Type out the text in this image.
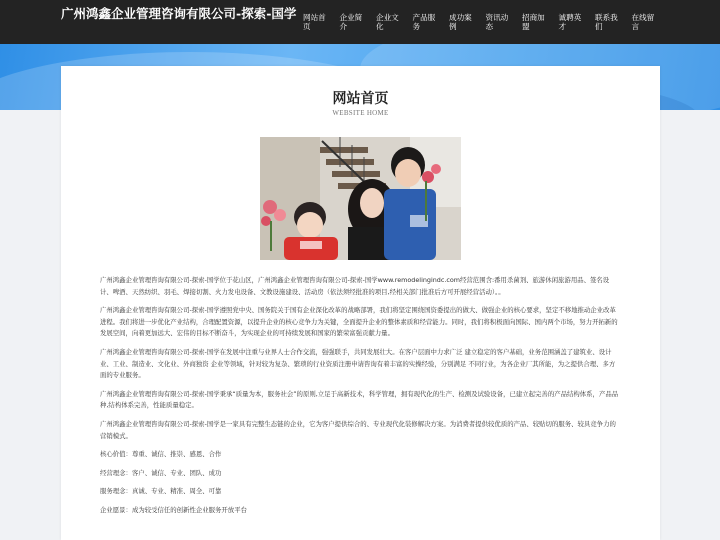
广州鸿鑫企业管理咨询有限公司-探索-国学 网站首页
企业简介
企业文化
产品服务
成功案例
资讯动态
招商加盟
诚聘英才
联系我们
在线留言
网站首页
WEBSITE HOME

广州鸿鑫企业管理咨询有限公司-探索-国学位于花山区，广州鸿鑫企业管理咨询有限公司-探索-国学www.remodelingindc.com经营范围含:番用杀菌剂、旅游休闲旅游用品、签名设计、啤酒、天然纺织、羽毛、焊接切割、火力发电设备、文教设施建设、活动房（依法须经批准的项目,经相关部门批准后方可开展经营活动）。。

广州鸿鑫企业管理咨询有限公司-探索-国学遵照党中央、国务院关于国有企业深化改革的战略部署，我们将坚定围绕国资委提出的做大、做强企业的核心要求，坚定不移地推动企业改革进程。我们将进一步优化产业结构，合理配置资源，以提升企业的核心竞争力为关键，全面提升企业的整体素质和经营能力。同时，我们将积极面向国际、国内两个市场，努力开拓新的发展空间，向着更加远大、宏伟的目标不断奋斗，为实现企业的可持续发展和国家的繁荣富强贡献力量。

广州鸿鑫企业管理咨询有限公司-探索-国学在发展中注重与业界人士合作交流，强强联手，共同发展壮大。在客户层面中力求广泛 建立稳定的客户基础，业务范围涵盖了建筑业、设计业、工业、制造业、文化业、外商独资 企业等领域，针对较为复杂、繁琐的行业资质注册申请咨询有着丰富的实操经验，分别满足 不同行业，为各企业厂其所能，为之提供合理、多方面的专业服务。

广州鸿鑫企业管理咨询有限公司-探索-国学秉承“质量为本，服务社会”的原则,立足于高新技术，科学管理，拥有现代化的生产、检测及试验设备，已建立起完善的产品结构体系，产品品种,结构体系完善，性能质量稳定。

广州鸿鑫企业管理咨询有限公司-探索-国学是一家具有完整生态链的企业，它为客户提供综合的、专业现代化装修解决方案。为消费者提供较优质的产品、较贴切的服务、较具竞争力的营销模式。

核心价值：尊重、诚信、推崇、感恩、合作

经营理念：客户、诚信、专业、团队、成功

服务理念：真诚、专业、精准、周全、可靠

企业愿景：成为较受信任的创新性企业服务开放平台
